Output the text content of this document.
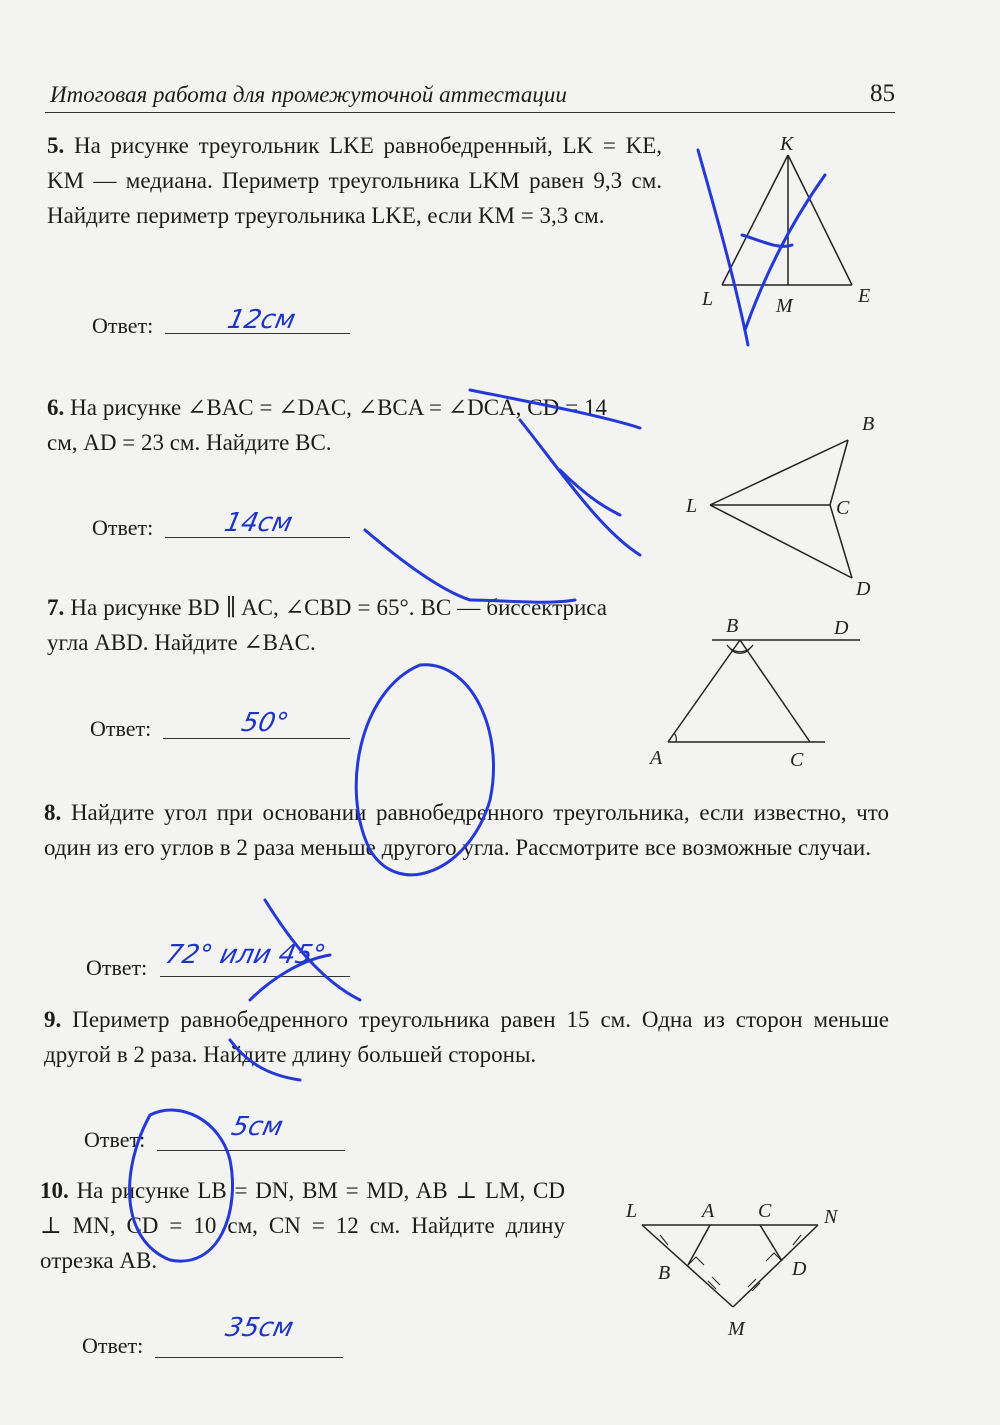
Итоговая работа для промежуточной аттестации	85

5. На рисунке треугольник LKE равнобедренный, LK = KE, KM — медиана. Периметр треугольника LKM равен 9,3 см. Найдите периметр треугольника LKE, если KM = 3,3 см.

K
L	M	E
Ответ:	12см

6. На рисунке ∠BAC = ∠DAC, ∠BCA = ∠DCA, CD = 14 см, AD = 23 см. Найдите BC.

B
L	C
D
Ответ:	14см

7. На рисунке BD ∥ AC, ∠CBD = 65°. BC — биссектриса угла ABD. Найдите ∠BAC.

B	D
A	C
Ответ:	50°

8. Найдите угол при основании равнобедренного треугольника, если известно, что один из его углов в 2 раза меньше другого угла. Рассмотрите все возможные случаи.

Ответ: 72° или 45°

9. Периметр равнобедренного треугольника равен 15 см. Одна из сторон меньше другой в 2 раза. Найдите длину большей стороны.

Ответ:	5см

10. На рисунке LB = DN, BM = MD, AB ⊥ LM, CD ⊥ MN, CD = 10 см, CN = 12 см. Найдите длину отрезка AB.

L	A C	N
B	D
M
Ответ:
35см
